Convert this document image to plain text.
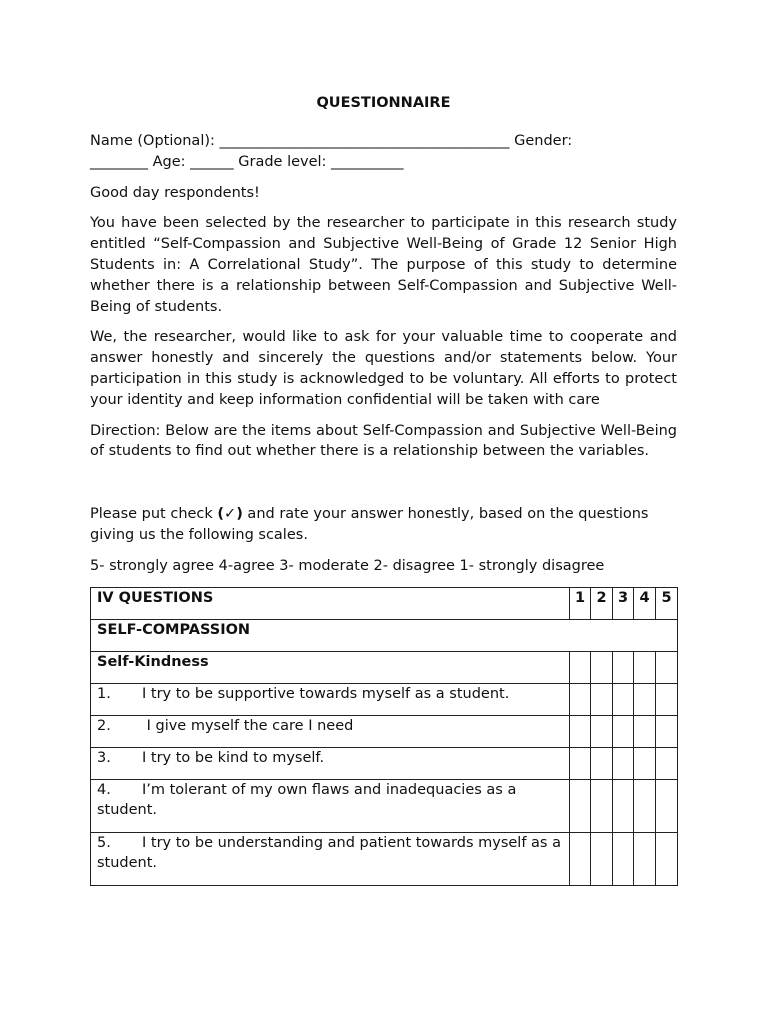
QUESTIONNAIRE
Name (Optional): ________________________________________ Gender:
________ Age: ______ Grade level: __________
Good day respondents!
You have been selected by the researcher to participate in this research study entitled “Self-Compassion and Subjective Well-Being of Grade 12 Senior High Students in: A Correlational Study”. The purpose of this study to determine whether there is a relationship between Self-Compassion and Subjective Well-Being of students.
We, the researcher, would like to ask for your valuable time to cooperate and answer honestly and sincerely the questions and/or statements below. Your participation in this study is acknowledged to be voluntary. All efforts to protect your identity and keep information confidential will be taken with care
Direction: Below are the items about Self-Compassion and Subjective Well-Being of students to find out whether there is a relationship between the variables.
Please put check (✓) and rate your answer honestly, based on the questions giving us the following scales.
5- strongly agree 4-agree 3- moderate 2- disagree 1- strongly disagree
IV QUESTIONS	1	2	3	4	5
SELF-COMPASSION					
Self-Kindness					
1. I try to be supportive towards myself as a student.					
2. I give myself the care I need					
3. I try to be kind to myself.					
4. I’m tolerant of my own flaws and inadequacies as a student.					
5. I try to be understanding and patient towards myself as a student.					
